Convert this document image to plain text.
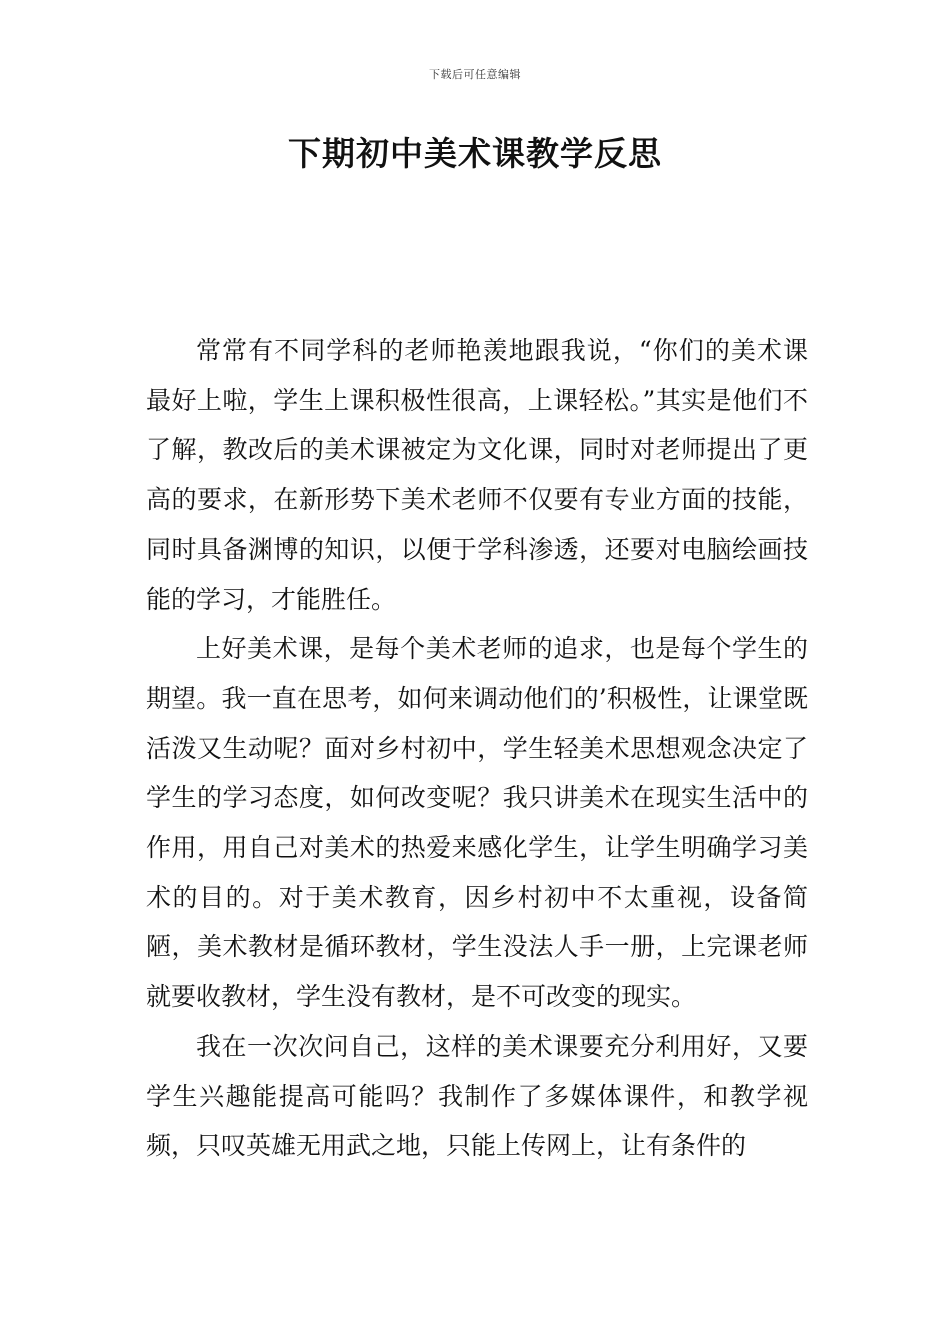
下载后可任意编辑
下期初中美术课教学反思

常常有不同学科的老师艳羡地跟我说，“你们的美术课最好上啦，学生上课积极性很高，上课轻松。”其实是他们不了解，教改后的美术课被定为文化课，同时对老师提出了更高的要求，在新形势下美术老师不仅要有专业方面的技能，同时具备渊博的知识，以便于学科渗透，还要对电脑绘画技能的学习，才能胜任。

上好美术课，是每个美术老师的追求，也是每个学生的期望。我一直在思考，如何来调动他们的’积极性，让课堂既活泼又生动呢？面对乡村初中，学生轻美术思想观念决定了学生的学习态度，如何改变呢？我只讲美术在现实生活中的作用，用自己对美术的热爱来感化学生，让学生明确学习美术的目的。对于美术教育，因乡村初中不太重视，设备简陋，美术教材是循环教材，学生没法人手一册，上完课老师就要收教材，学生没有教材，是不可改变的现实。

我在一次次问自己，这样的美术课要充分利用好，又要学生兴趣能提高可能吗？我制作了多媒体课件，和教学视频，只叹英雄无用武之地，只能上传网上，让有条件的
